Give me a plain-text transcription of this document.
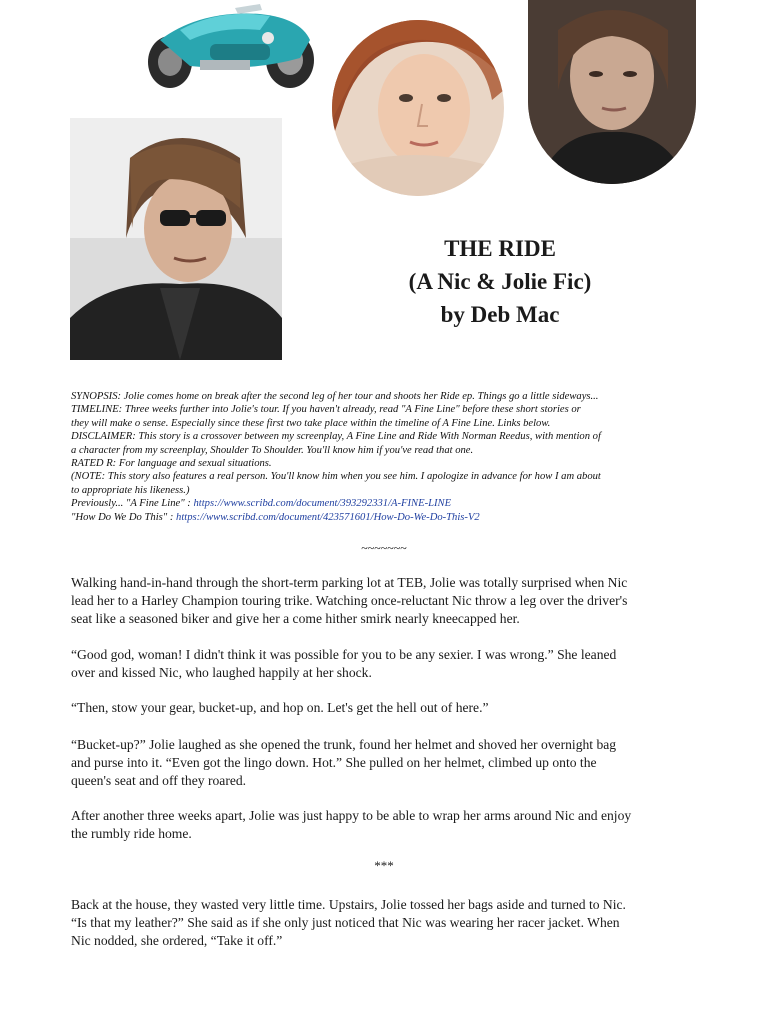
THE RIDE
(A Nic & Jolie Fic)
by Deb Mac
SYNOPSIS: Jolie comes home on break after the second leg of her tour and shoots her Ride ep. Things go a little sideways...
TIMELINE: Three weeks further into Jolie's tour. If you haven't already, read "A Fine Line" before these short stories or
they will make o sense. Especially since these first two take place within the timeline of A Fine Line. Links below.
DISCLAIMER: This story is a crossover between my screenplay, A Fine Line and Ride With Norman Reedus, with mention of
a character from my screenplay, Shoulder To Shoulder. You'll know him if you've read that one.
RATED R: For language and sexual situations.
(NOTE: This story also features a real person. You'll know him when you see him. I apologize in advance for how I am about
to appropriate his likeness.)
Previously... "A Fine Line" : https://www.scribd.com/document/393292331/A-FINE-LINE
"How Do We Do This" : https://www.scribd.com/document/423571601/How-Do-We-Do-This-V2
~~~~~~~
Walking hand-in-hand through the short-term parking lot at TEB, Jolie was totally surprised when Nic
lead her to a Harley Champion touring trike. Watching once-reluctant Nic throw a leg over the driver's
seat like a seasoned biker and give her a come hither smirk nearly kneecapped her.
“Good god, woman! I didn't think it was possible for you to be any sexier. I was wrong.” She leaned
over and kissed Nic, who laughed happily at her shock.
“Then, stow your gear, bucket-up, and hop on. Let's get the hell out of here.”
“Bucket-up?” Jolie laughed as she opened the trunk, found her helmet and shoved her overnight bag
and purse into it. “Even got the lingo down. Hot.” She pulled on her helmet, climbed up onto the
queen's seat and off they roared.
After another three weeks apart, Jolie was just happy to be able to wrap her arms around Nic and enjoy
the rumbly ride home.
***
Back at the house, they wasted very little time. Upstairs, Jolie tossed her bags aside and turned to Nic.
“Is that my leather?” She said as if she only just noticed that Nic was wearing her racer jacket. When
Nic nodded, she ordered, “Take it off.”
